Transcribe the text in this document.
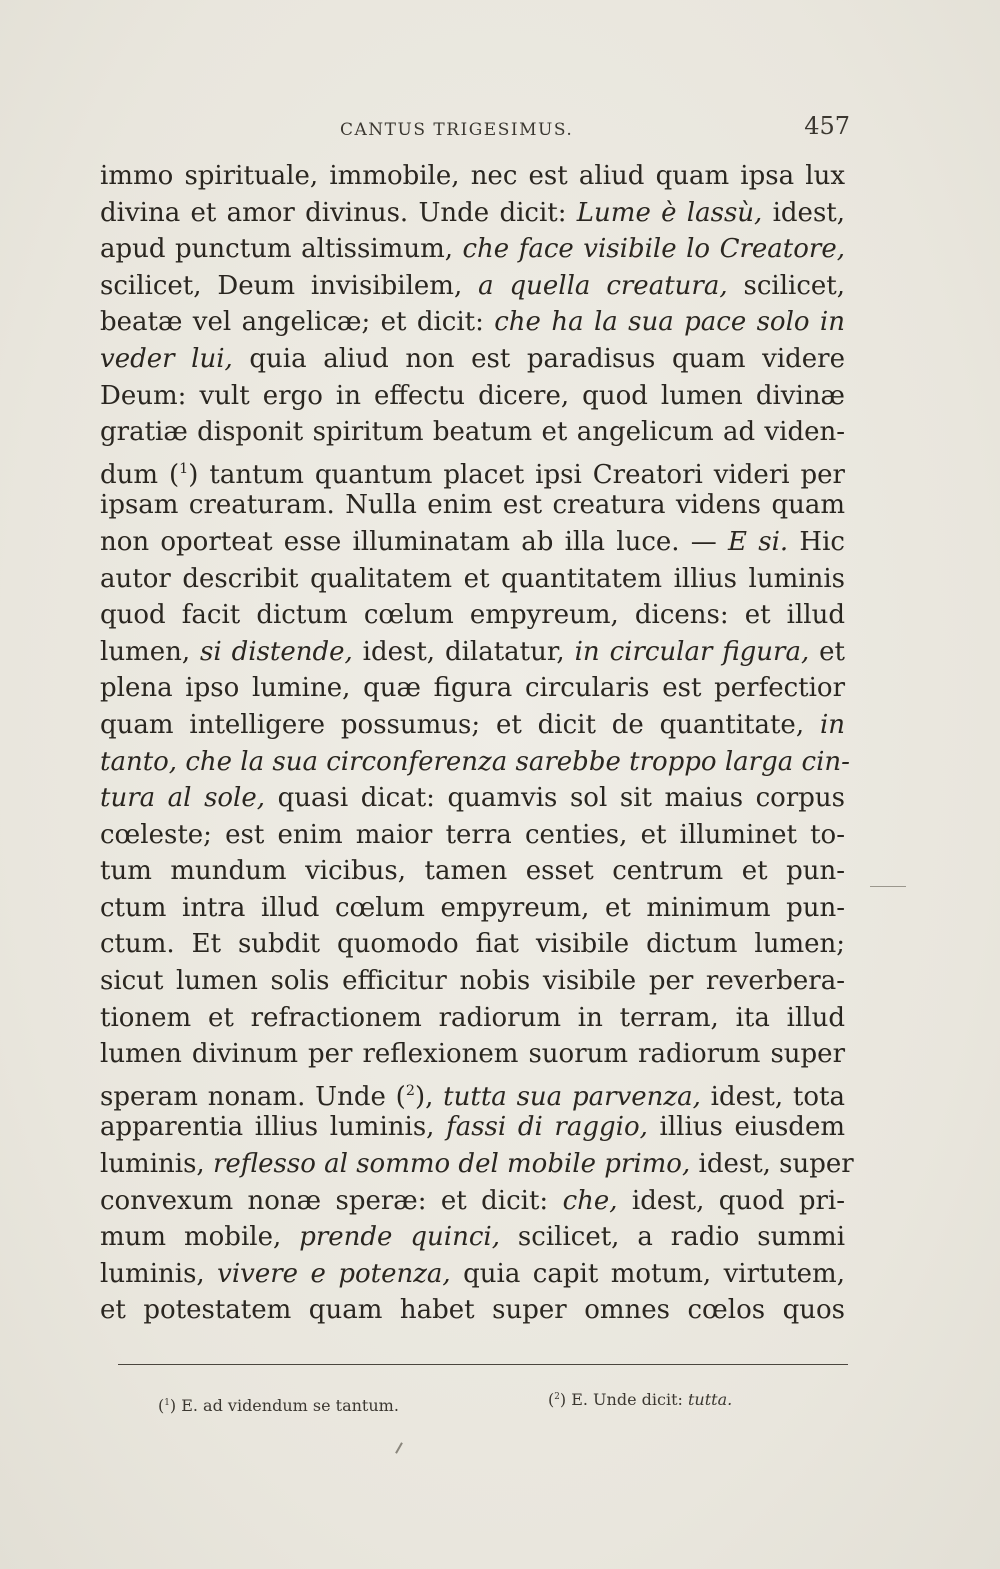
CANTUS TRIGESIMUS.	457
immo spirituale, immobile, nec est aliud quam ipsa lux
divina et amor divinus. Unde dicit: Lume è lassù, idest,
apud punctum altissimum, che face visibile lo Creatore,
scilicet, Deum invisibilem, a quella creatura, scilicet,
beatæ vel angelicæ; et dicit: che ha la sua pace solo in
veder lui, quia aliud non est paradisus quam videre
Deum: vult ergo in effectu dicere, quod lumen divinæ
gratiæ disponit spiritum beatum et angelicum ad viden-
dum ($^1$) tantum quantum placet ipsi Creatori videri per
ipsam creaturam. Nulla enim est creatura videns quam
non oporteat esse illuminatam ab illa luce. — E si. Hic
autor describit qualitatem et quantitatem illius luminis
quod facit dictum cœlum empyreum, dicens: et illud
lumen, si distende, idest, dilatatur, in circular figura, et
plena ipso lumine, quæ figura circularis est perfectior
quam intelligere possumus; et dicit de quantitate, in
tanto, che la sua circonferenza sarebbe troppo larga cin-
tura al sole, quasi dicat: quamvis sol sit maius corpus
cœleste; est enim maior terra centies, et illuminet to-
tum mundum vicibus, tamen esset centrum et pun-
ctum intra illud cœlum empyreum, et minimum pun-
ctum. Et subdit quomodo fiat visibile dictum lumen;
sicut lumen solis efficitur nobis visibile per reverbera-
tionem et refractionem radiorum in terram, ita illud
lumen divinum per reflexionem suorum radiorum super
speram nonam. Unde ($^2$), tutta sua parvenza, idest, tota
apparentia illius luminis, fassi di raggio, illius eiusdem
luminis, reflesso al sommo del mobile primo, idest, super
convexum nonæ speræ: et dicit: che, idest, quod pri-
mum mobile, prende quinci, scilicet, a radio summi
luminis, vivere e potenza, quia capit motum, virtutem,
et potestatem quam habet super omnes cœlos quos
($^1$) E. ad videndum se tantum.	($^2$) E. Unde dicit: tutta.
